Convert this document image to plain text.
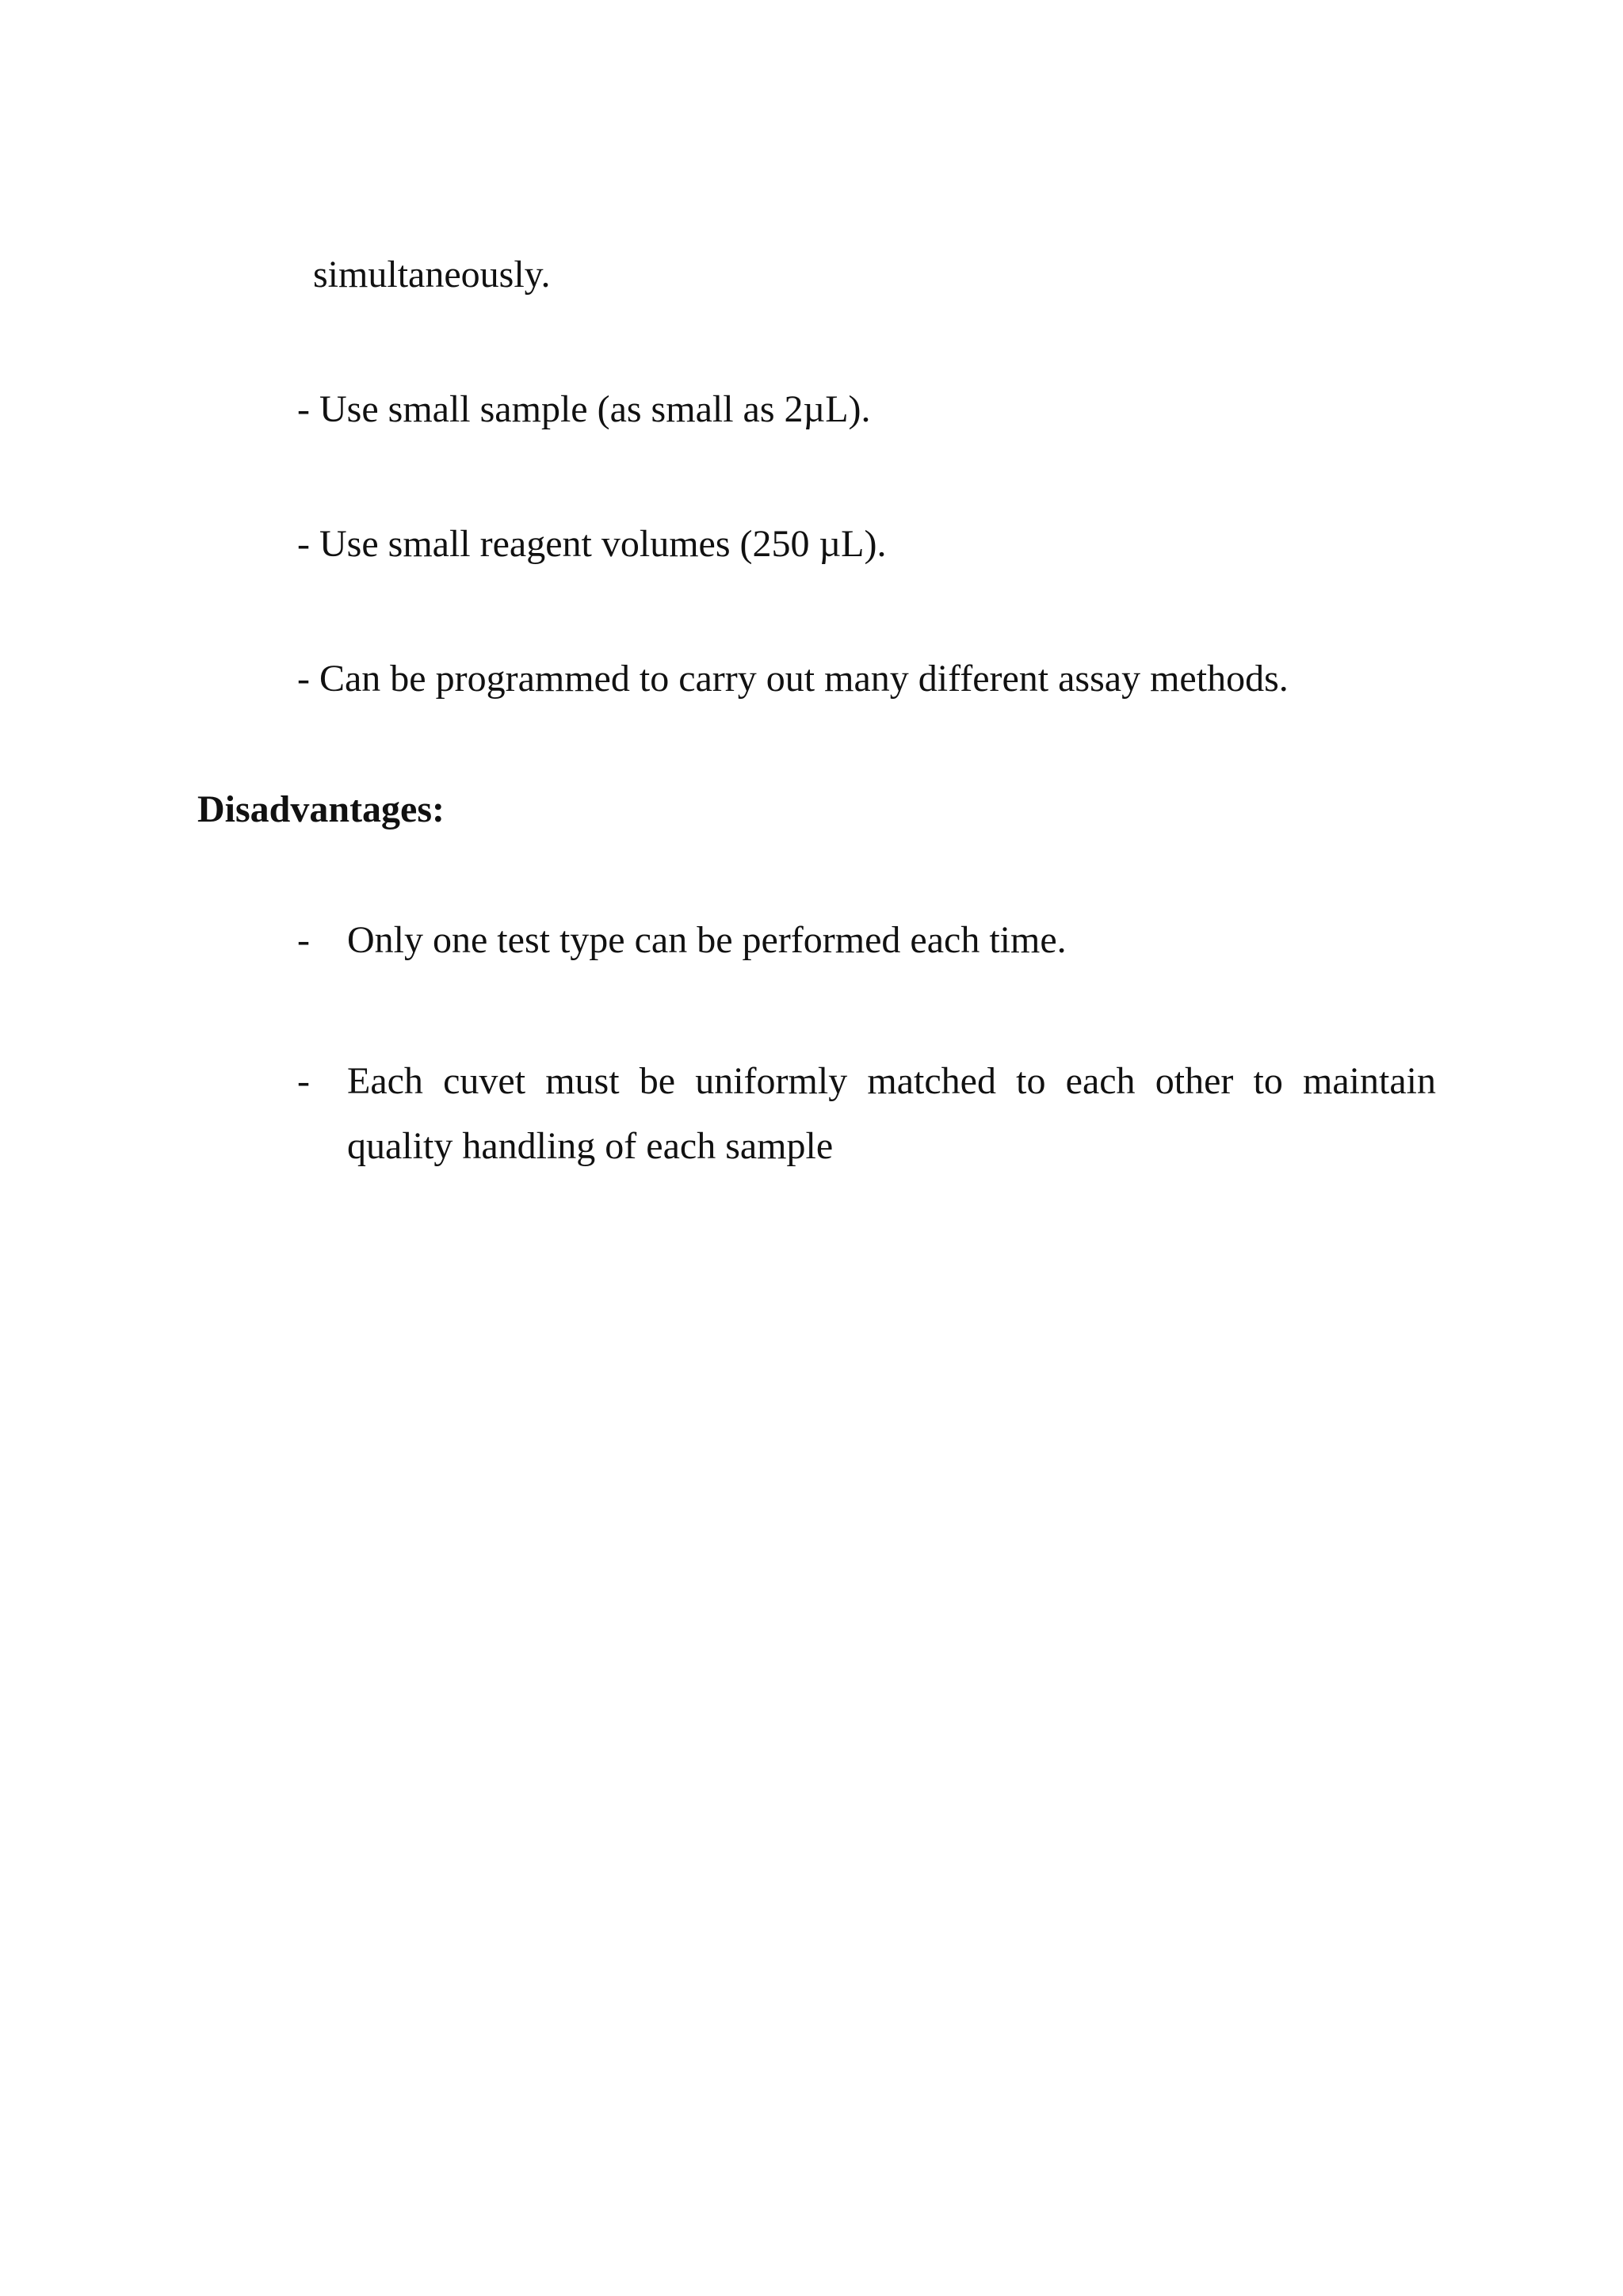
simultaneously.
- Use small sample (as small as 2µL).
- Use small reagent volumes (250 µL).
- Can be programmed to carry out many different assay methods.
Disadvantages:
- Only one test type can be performed each time.
- Each cuvet must be uniformly matched to each other to maintain quality handling of each sample
